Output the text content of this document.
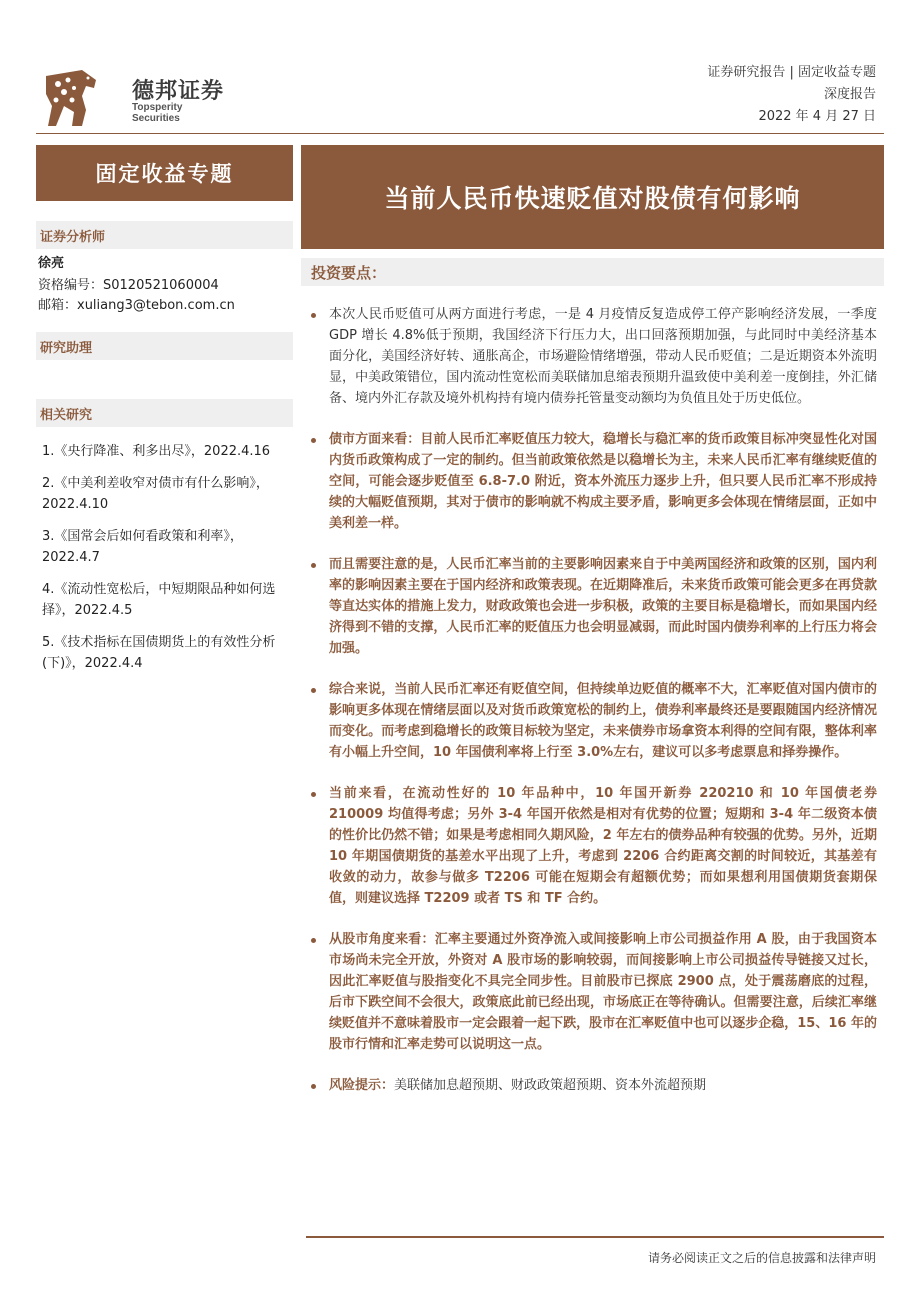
德邦证券
Topsperity Securities
证券研究报告 | 固定收益专题
深度报告
2022 年 4 月 27 日
固定收益专题
当前人民币快速贬值对股债有何影响
证券分析师
徐亮
资格编号：S0120521060004
邮箱：xuliang3@tebon.com.cn
研究助理
相关研究
1.《央行降准、利多出尽》，2022.4.16
2.《中美利差收窄对债市有什么影响》，2022.4.10
3.《国常会后如何看政策和利率》，2022.4.7
4.《流动性宽松后，中短期限品种如何选择》，2022.4.5
5.《技术指标在国债期货上的有效性分析(下)》，2022.4.4
投资要点：
本次人民币贬值可从两方面进行考虑，一是 4 月疫情反复造成停工停产影响经济发展，一季度 GDP 增长 4.8%低于预期，我国经济下行压力大，出口回落预期加强，与此同时中美经济基本面分化，美国经济好转、通胀高企，市场避险情绪增强，带动人民币贬值；二是近期资本外流明显，中美政策错位，国内流动性宽松而美联储加息缩表预期升温致使中美利差一度倒挂，外汇储备、境内外汇存款及境外机构持有境内债券托管量变动额均为负值且处于历史低位。
债市方面来看：目前人民币汇率贬值压力较大，稳增长与稳汇率的货币政策目标冲突显性化对国内货币政策构成了一定的制约。但当前政策依然是以稳增长为主，未来人民币汇率有继续贬值的空间，可能会逐步贬值至 6.8-7.0 附近，资本外流压力逐步上升，但只要人民币汇率不形成持续的大幅贬值预期，其对于债市的影响就不构成主要矛盾，影响更多会体现在情绪层面，正如中美利差一样。
而且需要注意的是，人民币汇率当前的主要影响因素来自于中美两国经济和政策的区别，国内利率的影响因素主要在于国内经济和政策表现。在近期降准后，未来货币政策可能会更多在再贷款等直达实体的措施上发力，财政政策也会进一步积极，政策的主要目标是稳增长，而如果国内经济得到不错的支撑，人民币汇率的贬值压力也会明显减弱，而此时国内债券利率的上行压力将会加强。
综合来说，当前人民币汇率还有贬值空间，但持续单边贬值的概率不大，汇率贬值对国内债市的影响更多体现在情绪层面以及对货币政策宽松的制约上，债券利率最终还是要跟随国内经济情况而变化。而考虑到稳增长的政策目标较为坚定，未来债券市场拿资本利得的空间有限，整体利率有小幅上升空间，10 年国债利率将上行至 3.0%左右，建议可以多考虑票息和择券操作。
当前来看，在流动性好的 10 年品种中，10 年国开新券 220210 和 10 年国债老券 210009 均值得考虑；另外 3-4 年国开依然是相对有优势的位置；短期和 3-4 年二级资本债的性价比仍然不错；如果是考虑相同久期风险，2 年左右的债券品种有较强的优势。另外，近期 10 年期国债期货的基差水平出现了上升，考虑到 2206 合约距离交割的时间较近，其基差有收敛的动力，故参与做多 T2206 可能在短期会有超额优势；而如果想利用国债期货套期保值，则建议选择 T2209 或者 TS 和 TF 合约。
从股市角度来看：汇率主要通过外资净流入或间接影响上市公司损益作用 A 股，由于我国资本市场尚未完全开放，外资对 A 股市场的影响较弱，而间接影响上市公司损益传导链接又过长，因此汇率贬值与股指变化不具完全同步性。目前股市已探底 2900 点，处于震荡磨底的过程，后市下跌空间不会很大，政策底此前已经出现，市场底正在等待确认。但需要注意，后续汇率继续贬值并不意味着股市一定会跟着一起下跌，股市在汇率贬值中也可以逐步企稳，15、16 年的股市行情和汇率走势可以说明这一点。
风险提示：美联储加息超预期、财政政策超预期、资本外流超预期
请务必阅读正文之后的信息披露和法律声明
